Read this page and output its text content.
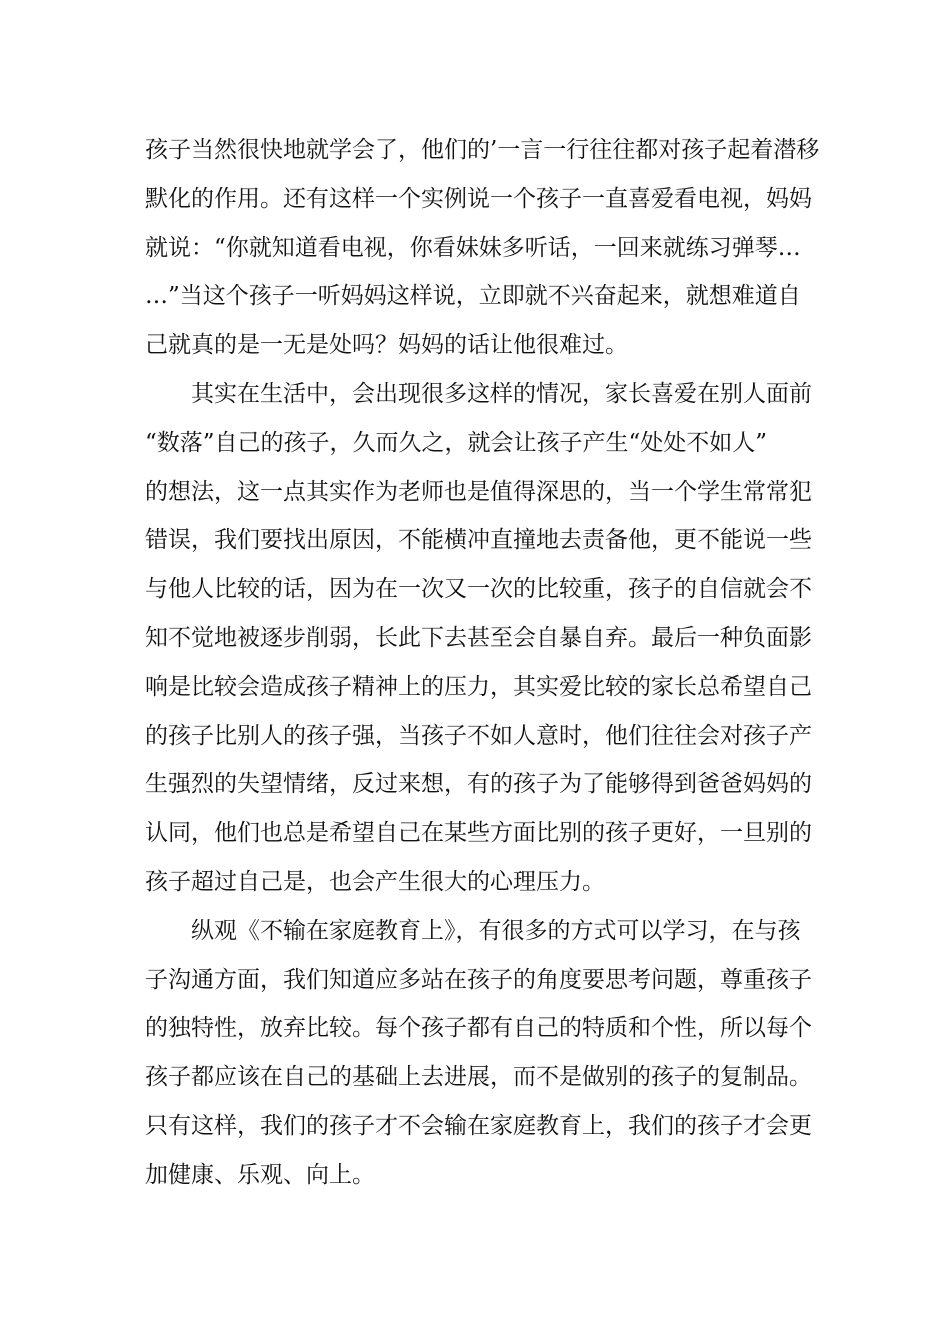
孩子当然很快地就学会了，他们的’一言一行往往都对孩子起着潜移
默化的作用。还有这样一个实例说一个孩子一直喜爱看电视，妈妈
就说：“你就知道看电视，你看妹妹多听话，一回来就练习弹琴…
…”当这个孩子一听妈妈这样说，立即就不兴奋起来，就想难道自
己就真的是一无是处吗？妈妈的话让他很难过。
其实在生活中，会出现很多这样的情况，家长喜爱在别人面前
“数落”自己的孩子，久而久之，就会让孩子产生“处处不如人”
的想法，这一点其实作为老师也是值得深思的，当一个学生常常犯
错误，我们要找出原因，不能横冲直撞地去责备他，更不能说一些
与他人比较的话，因为在一次又一次的比较重，孩子的自信就会不
知不觉地被逐步削弱，长此下去甚至会自暴自弃。最后一种负面影
响是比较会造成孩子精神上的压力，其实爱比较的家长总希望自己
的孩子比别人的孩子强，当孩子不如人意时，他们往往会对孩子产
生强烈的失望情绪，反过来想，有的孩子为了能够得到爸爸妈妈的
认同，他们也总是希望自己在某些方面比别的孩子更好，一旦别的
孩子超过自己是，也会产生很大的心理压力。
纵观《不输在家庭教育上》，有很多的方式可以学习，在与孩
子沟通方面，我们知道应多站在孩子的角度要思考问题，尊重孩子
的独特性，放弃比较。每个孩子都有自己的特质和个性，所以每个
孩子都应该在自己的基础上去进展，而不是做别的孩子的复制品。
只有这样，我们的孩子才不会输在家庭教育上，我们的孩子才会更
加健康、乐观、向上。
